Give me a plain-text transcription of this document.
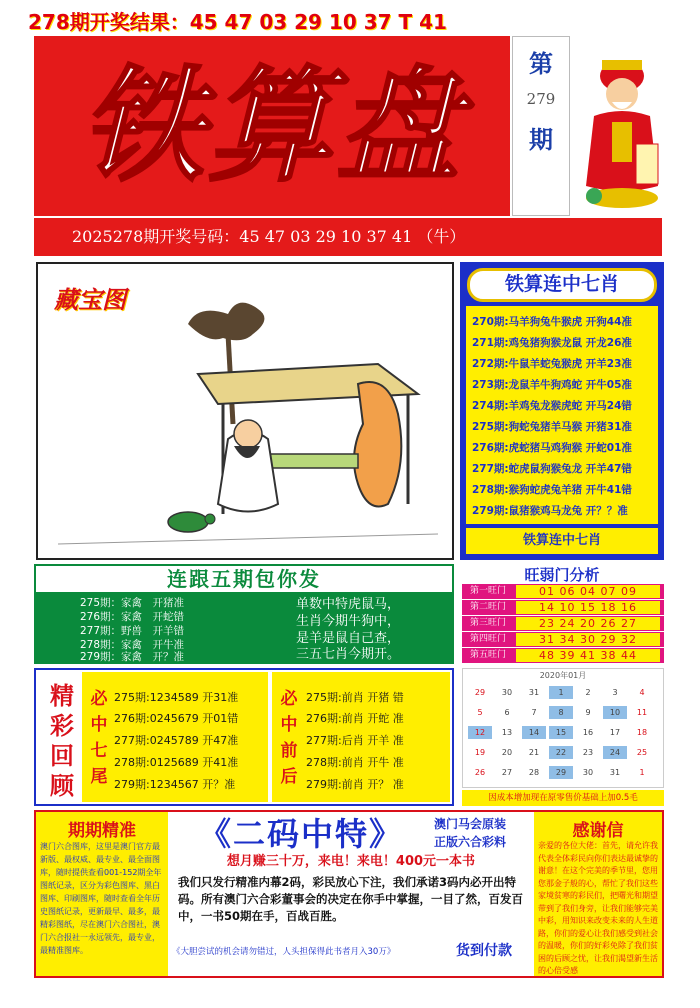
278期开奖结果：45 47 03 29 10 37 T 41
铁算盘	第
279
期
2025278期开奖号码：45 47 03 29 10 37 41 （牛）
藏宝图
铁算连中七肖
270期:马羊狗兔牛猴虎 开狗44准
271期:鸡兔猪狗猴龙鼠 开龙26准
272期:牛鼠羊蛇兔猴虎 开羊23准
273期:龙鼠羊牛狗鸡蛇 开牛05准
274期:羊鸡兔龙猴虎蛇 开马24错
275期:狗蛇兔猪羊马猴 开猪31准
276期:虎蛇猪马鸡狗猴 开蛇01准
277期:蛇虎鼠狗猴兔龙 开羊47错
278期:猴狗蛇虎兔羊猪 开牛41错
279期:鼠猪猴鸡马龙兔 开？？准
铁算连中七肖
连跟五期包你发
275期：家禽　 开猪准
276期：家禽　 开蛇错
277期：野兽　 开羊错
278期：家禽　 开牛准
279期：家禽　 开？准
单数中特虎鼠马，
生肖今期牛狗中，
是羊是鼠自己查，
三五七肖今期开。
旺弱门分析
第一旺门	01 06 04 07 09
第二旺门	14 10 15 18 16
第三旺门	23 24 20 26 27
第四旺门	31 34 30 29 32
第五旺门	48 39 41 38 44
精
彩
回
顾
必
中
七
尾
275期:1234589 开31准
276期:0245679 开01错
277期:0245789 开47准
278期:0125689 开41准
279期:1234567 开？准
必
中
前
后
275期:前肖 开猪 错
276期:前肖 开蛇 准
277期:后肖 开羊 准
278期:前肖 开牛 准
279期:前肖 开？ 准
2020年01月
29	30	31	1	2	3	4
5	6	7	8	9	10	11
12	13	14	15	16	17	18
19	20	21	22	23	24	25
26	27	28	29	30	31	1
因成本增加现在原零售价基础上加0.5毛
期期精准
澳门六合图库，这里是澳门官方最新版、最权威、最专业、最全面图库，随时提供查看001-152期全年图纸记录，区分为彩色图库、黑白图库、印刷图库，随时查看全年历史图纸记录，更新最早、最多，最精彩图纸，尽在澳门六合图社，澳门六合报社一永远领先，最专业，最精准图库。
《二码中特》	澳门马会原装
正版六合彩料
想月赚三十万，来电！来电！400元一本书
我们只发行精准内幕2码，彩民放心下注，我们承诺3码内必开出特码。所有澳门六合彩董事会的决定在你手中掌握，一目了然，百发百中，一书50期在手，百战百胜。
《大胆尝试的机会请勿错过，人头担保得此书者月入30万》	货到付款
感谢信
亲爱的各位大佬：首先，请允许我代表全体彩民向你们表达最诚挚的谢意！在这个完美的季节里，您用您那金子般的心，帮忙了我们这些家境贫寒的彩民们，把曙光和期望带到了我们身旁，让我们能够完美中彩，用知识来改变未来的人生道路，你们的爱心让我们感受到社会的温暖，你们的好彩免除了我们贫困的后顾之忧，让我们渴望新生活的心倍受感
